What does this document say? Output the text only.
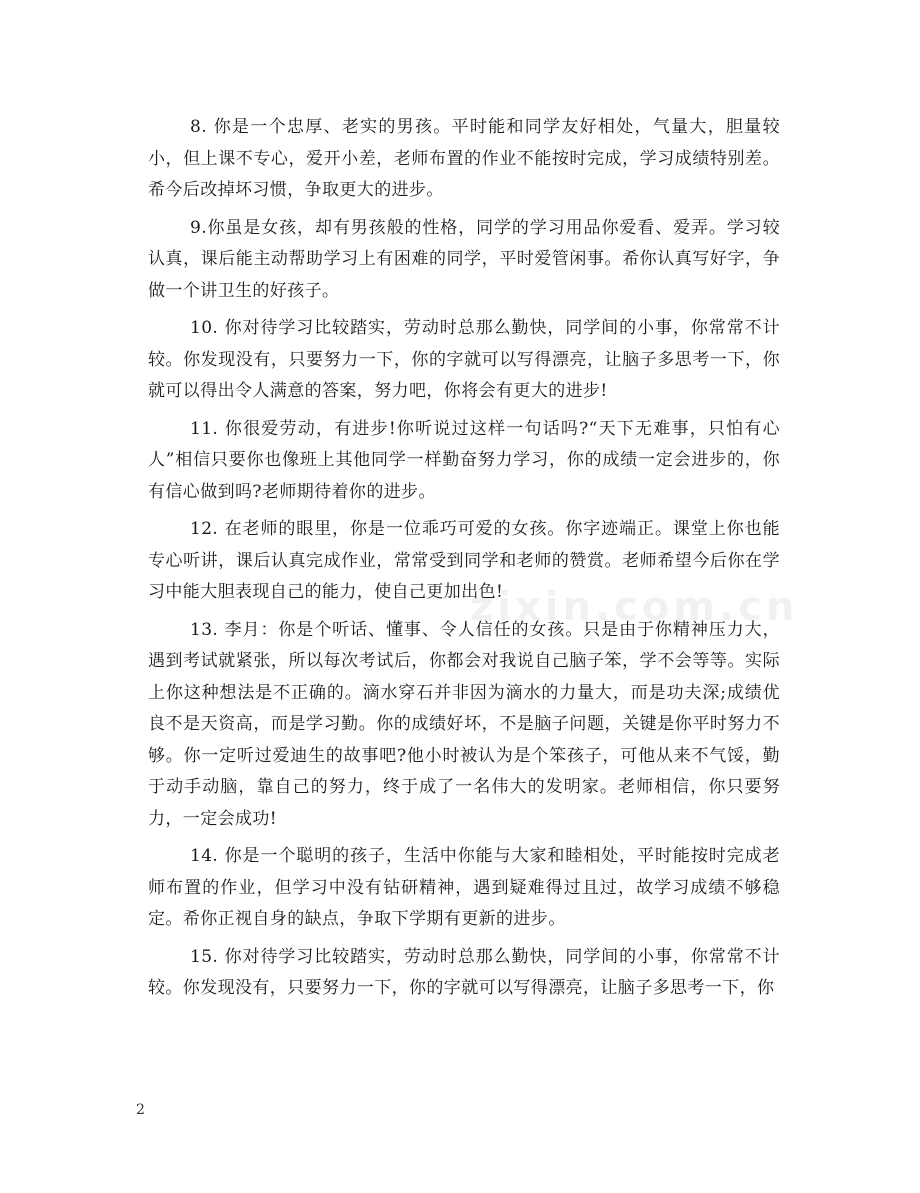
8. 你是一个忠厚、老实的男孩。平时能和同学友好相处，气量大，胆量较小，但上课不专心，爱开小差，老师布置的作业不能按时完成，学习成绩特别差。希今后改掉坏习惯，争取更大的进步。

9.你虽是女孩，却有男孩般的性格，同学的学习用品你爱看、爱弄。学习较认真，课后能主动帮助学习上有困难的同学，平时爱管闲事。希你认真写好字，争做一个讲卫生的好孩子。

10. 你对待学习比较踏实，劳动时总那么勤快，同学间的小事，你常常不计较。你发现没有，只要努力一下，你的字就可以写得漂亮，让脑子多思考一下，你就可以得出令人满意的答案，努力吧，你将会有更大的进步!

11. 你很爱劳动，有进步!你听说过这样一句话吗?“天下无难事，只怕有心人”相信只要你也像班上其他同学一样勤奋努力学习，你的成绩一定会进步的，你有信心做到吗?老师期待着你的进步。

12. 在老师的眼里，你是一位乖巧可爱的女孩。你字迹端正。课堂上你也能专心听讲，课后认真完成作业，常常受到同学和老师的赞赏。老师希望今后你在学习中能大胆表现自己的能力，使自己更加出色!

13. 李月：你是个听话、懂事、令人信任的女孩。只是由于你精神压力大，遇到考试就紧张，所以每次考试后，你都会对我说自己脑子笨，学不会等等。实际上你这种想法是不正确的。滴水穿石并非因为滴水的力量大，而是功夫深;成绩优良不是天资高，而是学习勤。你的成绩好坏，不是脑子问题，关键是你平时努力不够。你一定听过爱迪生的故事吧?他小时被认为是个笨孩子，可他从来不气馁，勤于动手动脑，靠自己的努力，终于成了一名伟大的发明家。老师相信，你只要努力，一定会成功!

14. 你是一个聪明的孩子，生活中你能与大家和睦相处，平时能按时完成老师布置的作业，但学习中没有钻研精神，遇到疑难得过且过，故学习成绩不够稳定。希你正视自身的缺点，争取下学期有更新的进步。

15. 你对待学习比较踏实，劳动时总那么勤快，同学间的小事，你常常不计较。你发现没有，只要努力一下，你的字就可以写得漂亮，让脑子多思考一下，你

zixin.com.cn
2
